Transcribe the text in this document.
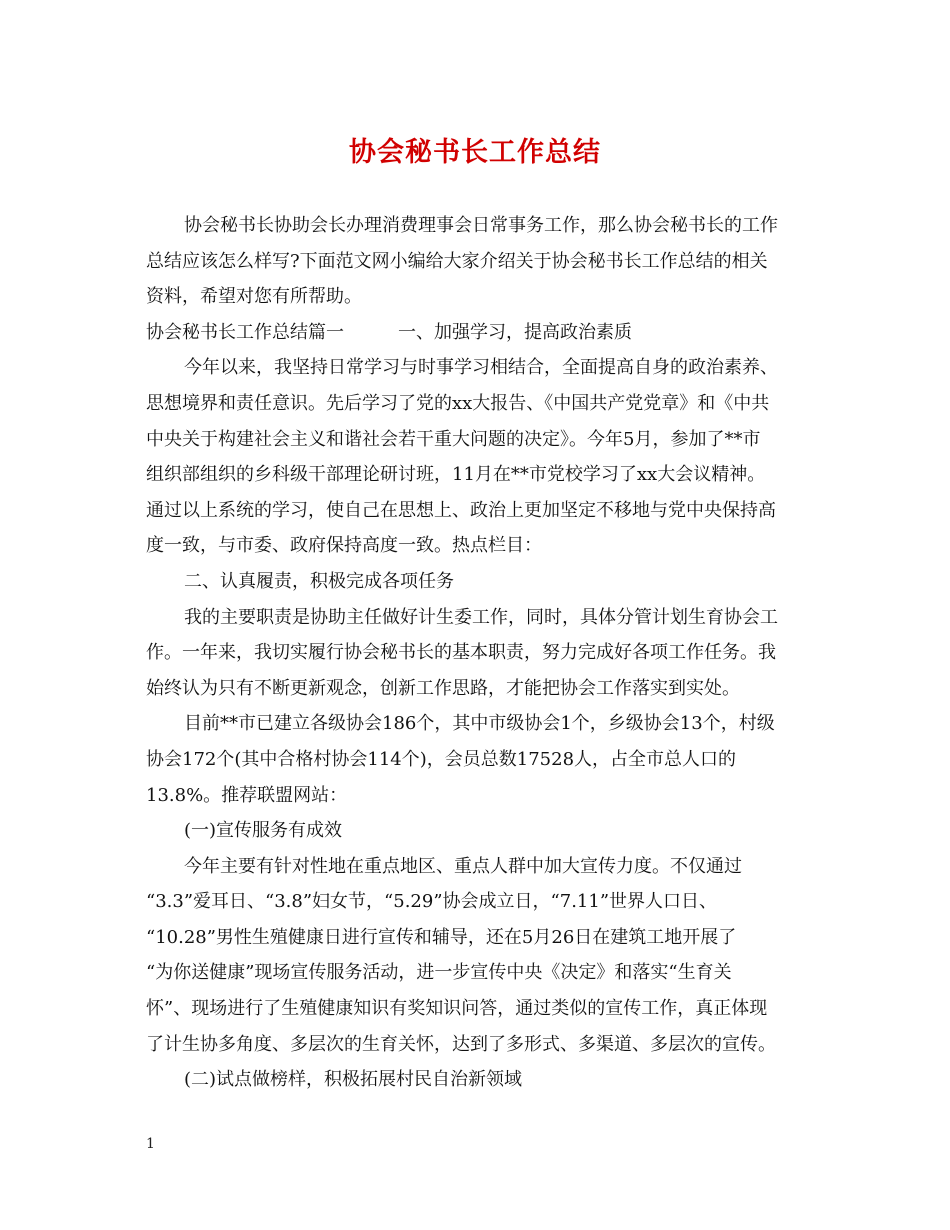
协会秘书长工作总结
协会秘书长协助会长办理消费理事会日常事务工作，那么协会秘书长的工作
总结应该怎么样写?下面范文网小编给大家介绍关于协会秘书长工作总结的相关
资料，希望对您有所帮助。
协会秘书长工作总结篇一　　　一、加强学习，提高政治素质
今年以来，我坚持日常学习与时事学习相结合，全面提高自身的政治素养、
思想境界和责任意识。先后学习了党的xx大报告、《中国共产党党章》和《中共
中央关于构建社会主义和谐社会若干重大问题的决定》。今年5月，参加了**市
组织部组织的乡科级干部理论研讨班，11月在**市党校学习了xx大会议精神。
通过以上系统的学习，使自己在思想上、政治上更加坚定不移地与党中央保持高
度一致，与市委、政府保持高度一致。热点栏目：
二、认真履责，积极完成各项任务
我的主要职责是协助主任做好计生委工作，同时，具体分管计划生育协会工
作。一年来，我切实履行协会秘书长的基本职责，努力完成好各项工作任务。我
始终认为只有不断更新观念，创新工作思路，才能把协会工作落实到实处。
目前**市已建立各级协会186个，其中市级协会1个，乡级协会13个，村级
协会172个(其中合格村协会114个)，会员总数17528人，占全市总人口的
13.8%。推荐联盟网站：
(一)宣传服务有成效
今年主要有针对性地在重点地区、重点人群中加大宣传力度。不仅通过
“3.3”爱耳日、“3.8”妇女节，“5.29”协会成立日，“7.11”世界人口日、
“10.28”男性生殖健康日进行宣传和辅导，还在5月26日在建筑工地开展了
“为你送健康”现场宣传服务活动，进一步宣传中央《决定》和落实“生育关
怀”、现场进行了生殖健康知识有奖知识问答，通过类似的宣传工作，真正体现
了计生协多角度、多层次的生育关怀，达到了多形式、多渠道、多层次的宣传。
(二)试点做榜样，积极拓展村民自治新领域
1
